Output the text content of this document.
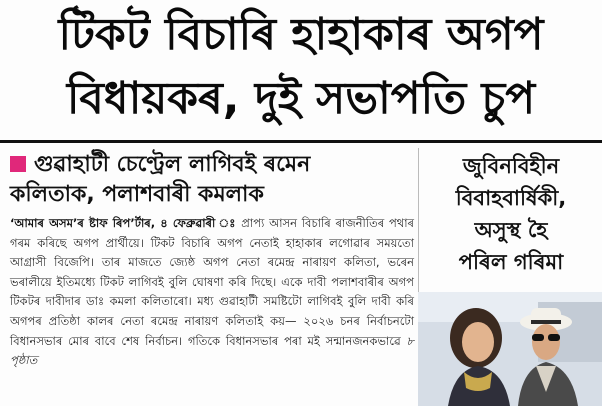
টিকট বিচাৰি হাহাকাৰ অগপ
বিধায়কৰ, দুই সভাপতি চুপ
গুৱাহাটী চেণ্ট্ৰেল লাগিবই ৰমেন
কলিতাক, পলাশবাৰী কমলাক
‘আমাৰ অসম’ৰ ষ্টাফ ৰিপ’ৰ্টাৰ, ৪ ফেব্ৰুৱাৰী ঃ প্ৰাপ্য আসন বিচাৰি ৰাজনীতিৰ পথাৰ গৰম কৰিছে অগপ প্ৰাৰ্থীয়ে। টিকট বিচাৰি অগপ নেতাই হাহাকাৰ লগোৱাৰ সময়তো আগ্ৰাসী বিজেপি। তাৰ মাজতে জ্যেষ্ঠ অগপ নেতা ৰমেন্দ্ৰ নাৰায়ণ কলিতা, ভৰেন ভৰালীয়ে ইতিমধ্যে টিকট লাগিবই বুলি ঘোষণা কৰি দিছে। একে দাবী পলাশবাৰীৰ অগপ টিকটৰ দাবীদাৰ ডাঃ কমলা কলিতাৰো। মধ্য গুৱাহাটী সমষ্টিটো লাগিবই বুলি দাবী কৰি অগপৰ প্ৰতিষ্ঠা কালৰ নেতা ৰমেন্দ্ৰ নাৰায়ণ কলিতাই কয়— ২০২৬ চনৰ নিৰ্বাচনটো বিধানসভাৰ মোৰ বাবে শেষ নিৰ্বাচন। গতিকে বিধানসভাৰ পৰা মই সন্মানজনকভাৱে ৮ পৃষ্ঠাত
জুবিনবিহীন
বিবাহবাৰ্ষিকী,
অসুস্থ হৈ
পৰিল গৰিমা
